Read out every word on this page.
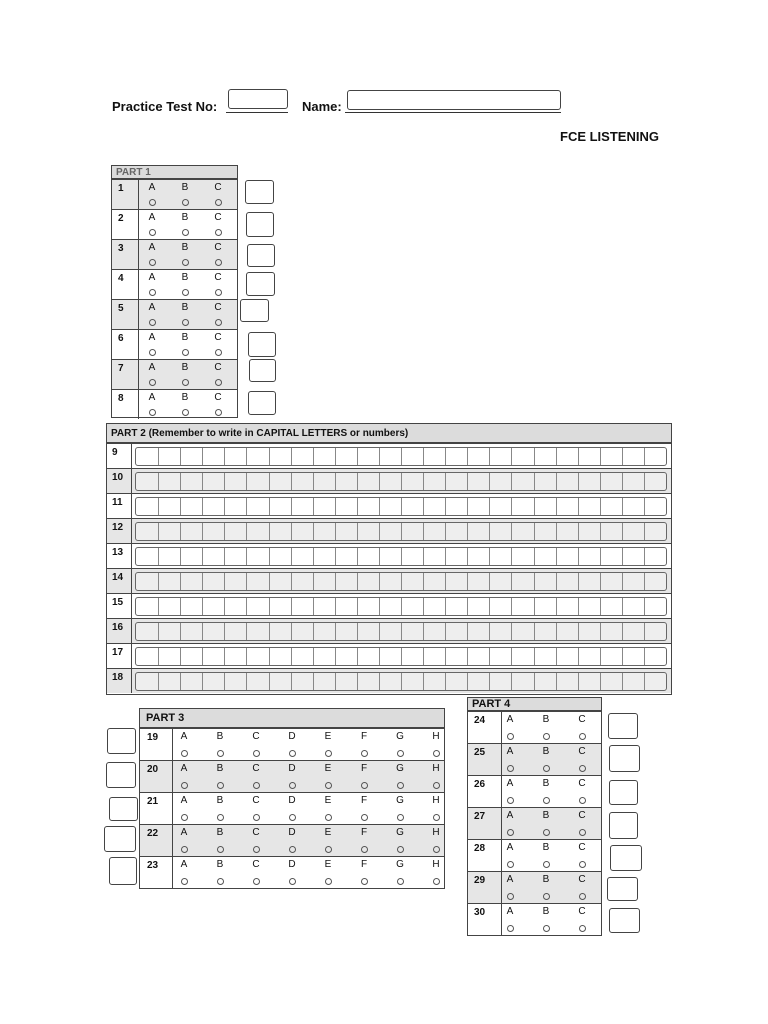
Practice Test No:	Name:
FCE LISTENING
PART 1
1	A	B	C
2	A	B	C
3	A	B	C
4	A	B	C
5	A	B	C
6	A	B	C
7	A	B	C
8	A	B	C
PART 2 (Remember to write in CAPITAL LETTERS or numbers)
9
10
11
12
13
14
15
16
17
18
PART 3
19	A	B	C	D	E	F	G	H
20	A	B	C	D	E	F	G	H
21	A	B	C	D	E	F	G	H
22	A	B	C	D	E	F	G	H
23	A	B	C	D	E	F	G	H
PART 4
24	A	B	C
25	A	B	C
26	A	B	C
27	A	B	C
28	A	B	C
29	A	B	C
30	A	B	C
